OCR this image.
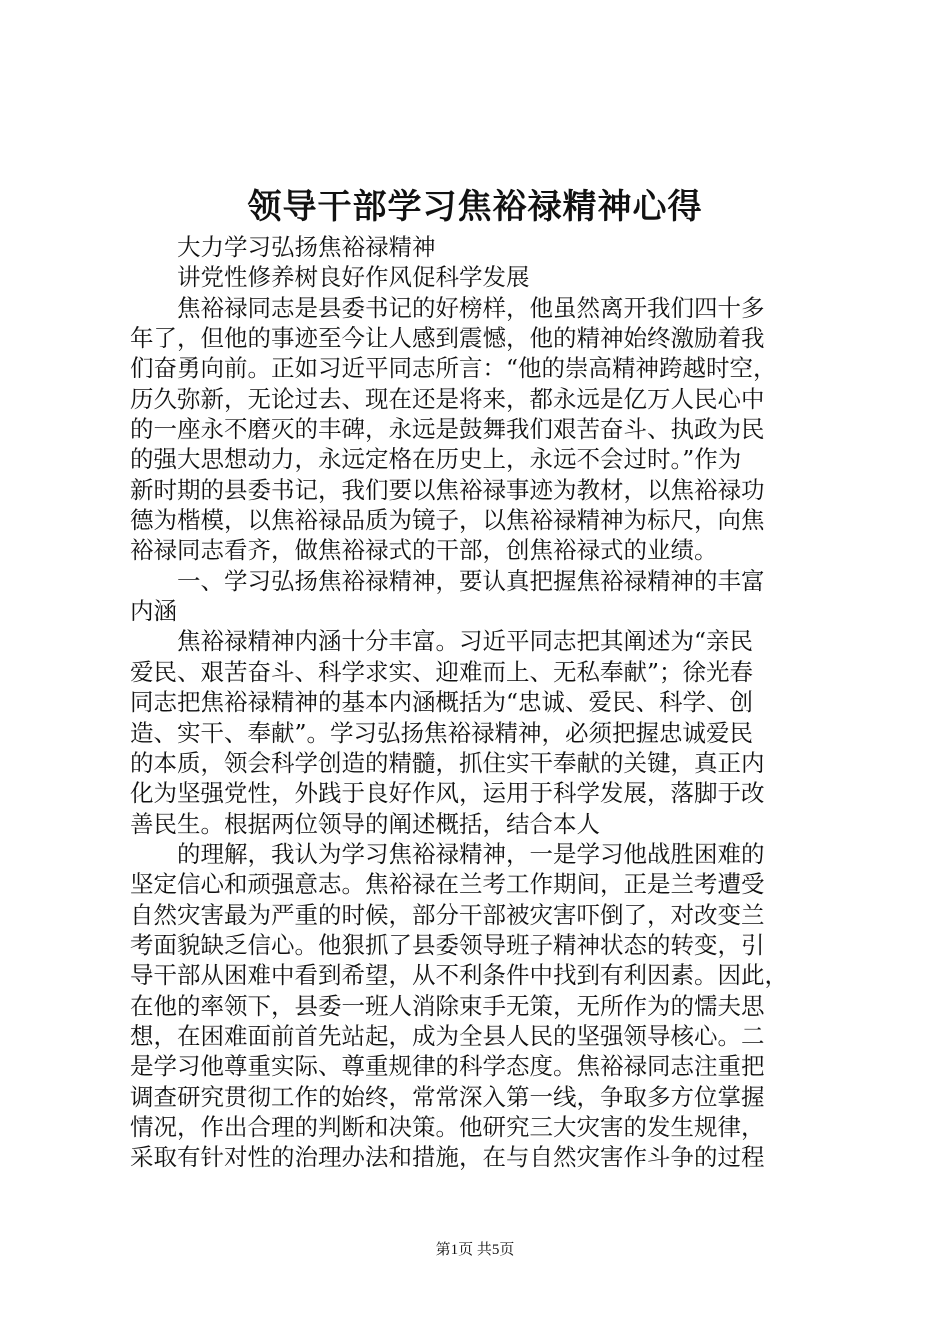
领导干部学习焦裕禄精神心得
　　大力学习弘扬焦裕禄精神
　　讲党性修养树良好作风促科学发展
　　焦裕禄同志是县委书记的好榜样，他虽然离开我们四十多
年了，但他的事迹至今让人感到震憾，他的精神始终激励着我
们奋勇向前。正如习近平同志所言：“他的崇高精神跨越时空，
历久弥新，无论过去、现在还是将来，都永远是亿万人民心中
的一座永不磨灭的丰碑，永远是鼓舞我们艰苦奋斗、执政为民
的强大思想动力，永远定格在历史上，永远不会过时。”作为
新时期的县委书记，我们要以焦裕禄事迹为教材，以焦裕禄功
德为楷模，以焦裕禄品质为镜子，以焦裕禄精神为标尺，向焦
裕禄同志看齐，做焦裕禄式的干部，创焦裕禄式的业绩。
　　一、学习弘扬焦裕禄精神，要认真把握焦裕禄精神的丰富
内涵
　　焦裕禄精神内涵十分丰富。习近平同志把其阐述为“亲民
爱民、艰苦奋斗、科学求实、迎难而上、无私奉献”；徐光春
同志把焦裕禄精神的基本内涵概括为“忠诚、爱民、科学、创
造、实干、奉献”。学习弘扬焦裕禄精神，必须把握忠诚爱民
的本质，领会科学创造的精髓，抓住实干奉献的关键，真正内
化为坚强党性，外践于良好作风，运用于科学发展，落脚于改
善民生。根据两位领导的阐述概括，结合本人
　　的理解，我认为学习焦裕禄精神，一是学习他战胜困难的
坚定信心和顽强意志。焦裕禄在兰考工作期间，正是兰考遭受
自然灾害最为严重的时候，部分干部被灾害吓倒了，对改变兰
考面貌缺乏信心。他狠抓了县委领导班子精神状态的转变，引
导干部从困难中看到希望，从不利条件中找到有利因素。因此，
在他的率领下，县委一班人消除束手无策，无所作为的懦夫思
想，在困难面前首先站起，成为全县人民的坚强领导核心。二
是学习他尊重实际、尊重规律的科学态度。焦裕禄同志注重把
调查研究贯彻工作的始终，常常深入第一线，争取多方位掌握
情况，作出合理的判断和决策。他研究三大灾害的发生规律，
采取有针对性的治理办法和措施，在与自然灾害作斗争的过程
第1页 共5页
